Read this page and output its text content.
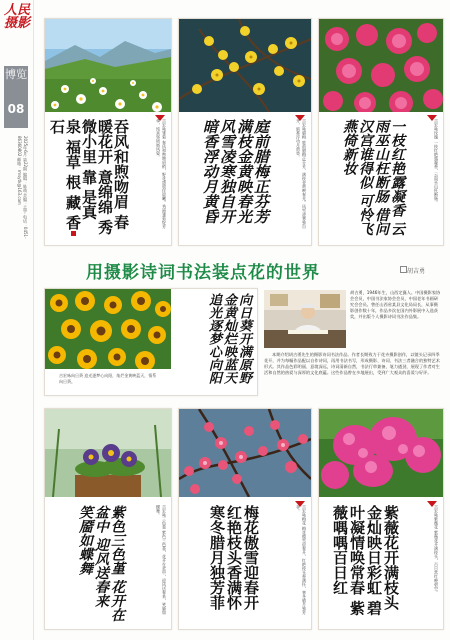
人民摄影
博览
08
2025年6月 第22期 编辑：陈萌 美编：孟宇 电话：0451-86360802 邮箱：rmsytk@163.com	吞风和煦吻眉 春暖花开 意绵绵 秀 微小里 靠 是真 泉 福草 根 藏 香 石	吉宏咏雏菊 春风和煦吻眉梢，野花盛放伴晨曦。秀丽雏菊绽芳华，纯真坚韧展风姿。	庭前腊梅正芬芳 满枝金黄映春光 风雪凌寒独自开 暗香浮动月黄昏	吉宏咏腊梅 庭前腊梅正芬芳，满枝金黄映春光。风雪凌寒独自开，暗香浮动月黄昏。	一枝红艳露凝香 云雨巫山枉断肠 借问汉宫谁得似 可怜飞燕倚新妆	吉宏咏玫瑰 一枝红艳露凝香，云雨巫山枉断肠。
用摄影诗词书法装点花的世界	胡吉勇
吉宏咏向日葵 追光逐梦心向阳，灿烂金黄映蓝天，情系向日葵。	向日葵开满原野 金黄灿烂映蓝天 追光逐梦心向阳
胡吉勇，1946年生，山西定襄人。中国摄影家协会会员，中国书法家协会会员，中国老年书画研究会会员。曾任山西省某县文化局局长，从事摄影创作数十年，作品多次在国内外影展中入选获奖，并出版个人摄影诗词书法作品集。
本期介绍胡吉勇先生的摄影诗词书法作品。作者长期致力于花卉摄影创作，以镜头记录四季花开，并为每幅作品配以自作诗词，再用书法书写，形成摄影、诗词、书法三者融合的独特艺术形式。其作品色彩明丽、意境深远，诗词清新自然，书法行草兼备，笔力遒劲，展现了作者对生活和自然的热爱与深厚的文化底蕴。这些作品曾在多地展出，受到广大观众的喜爱与好评。
紫色三色堇 花开在盆中 迎风送春来 笑靥如蝶舞	吉宏咏三色堇 紫色三色堇，花开在盆中，迎风送春来，笑靥如蝶舞。	梅花傲雪迎春开 红艳枝头香满怀 寒冬腊月独芳菲	吉宏咏梅花 梅花傲雪迎春开，红艳枝头香满怀，寒冬腊月独芳菲。	紫薇花开满枝头 金灿映日彩虹 碧叶凝情唤常春 紫薇喁喁百日红	吉宏咏紫薇花 紫薇花开满枝头，百日常红映碧空。
